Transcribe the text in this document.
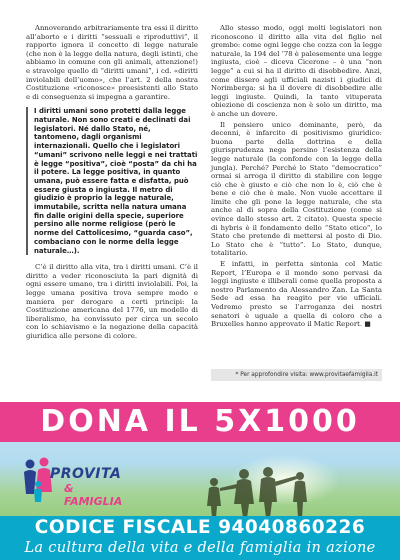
Annoverando arbitrariamente tra essi il diritto all’aborto e i diritti “sessuali e riproduttivi”, il rapporto ignora il concetto di legge naturale (che non è la legge della natura, degli istinti, che abbiamo in comune con gli animali, attenzione!) e stravolge quello di “diritti umani”, i cd. «diritti inviolabili dell’uomo», che l’art. 2 della nostra Costituzione «riconosce» preesistenti allo Stato e di conseguenza si impegna a garantire.

I diritti umani sono protetti dalla legge naturale. Non sono creati e declinati dai legislatori. Né dallo Stato, né, tantomeno, dagli organismi internazionali. Quello che i legislatori “umani” scrivono nelle leggi e nei trattati è legge “positiva”, cioè “posta” da chi ha il potere. La legge positiva, in quanto umana, può essere fatta e disfatta, può essere giusta o ingiusta. Il metro di giudizio è proprio la legge naturale, immutabile, scritta nella natura umana fin dalle origini della specie, superiore persino alle norme religiose (però le norme del Cattolicesimo, “guarda caso”, combaciano con le norme della legge naturale…).

C’è il diritto alla vita, tra i diritti umani. C’è il diritto a veder riconosciuta la pari dignità di ogni essere umano, tra i diritti inviolabili. Poi, la legge umana positiva trova sempre modo e maniera per derogare a certi principi: la Costituzione americana del 1776, un modello di liberalismo, ha convissuto per circa un secolo con lo schiavismo e la negazione della capacità giuridica alle persone di colore.

Allo stesso modo, oggi molti legislatori non riconoscono il diritto alla vita del figlio nel grembo: come ogni legge che cozza con la legge naturale, la 194 del ’78 è palesemente una legge ingiusta, cioè – diceva Cicerone – è una “non legge” a cui si ha il diritto di disobbedire. Anzi, come dissero agli ufficiali nazisti i giudici di Norimberga: si ha il dovere di disobbedire alle leggi ingiuste. Quindi, la tanto vituperata obiezione di coscienza non è solo un diritto, ma è anche un dovere.

Il pensiero unico dominante, però, da decenni, è infarcito di positivismo giuridico: buona parte della dottrina e della giurisprudenza nega persino l’esistenza della legge naturale (la confonde con la legge della jungla). Perché? Perché lo Stato “democratico” ormai si arroga il diritto di stabilire con legge ciò che è giusto e ciò che non lo è, ciò che è bene e ciò che è male. Non vuole accettare il limite che gli pone la legge naturale, che sta anche al di sopra della Costituzione (come si evince dallo stesso art. 2 citato). Questa specie di hybris è il fondamento dello “Stato etico”, lo Stato che pretende di mettersi al posto di Dio. Lo Stato che è “tutto”. Lo Stato, dunque, totalitario.

E infatti, in perfetta sintonia col Matic Report, l’Europa e il mondo sono pervasi da leggi ingiuste e illiberali come quella proposta a nostro Parlamento da Alessandro Zan. La Santa Sede ad essa ha reagito per vie ufficiali. Vedremo presto se l’arroganza dei nostri senatori è uguale a quella di coloro che a Bruxelles hanno approvato il Matic Report. ■

* Per approfondire visita: www.provitaefamiglia.it
DONA IL 5X1000
PROVITA
& FAMIGLIA
CODICE FISCALE 94040860226
La cultura della vita e della famiglia in azione
